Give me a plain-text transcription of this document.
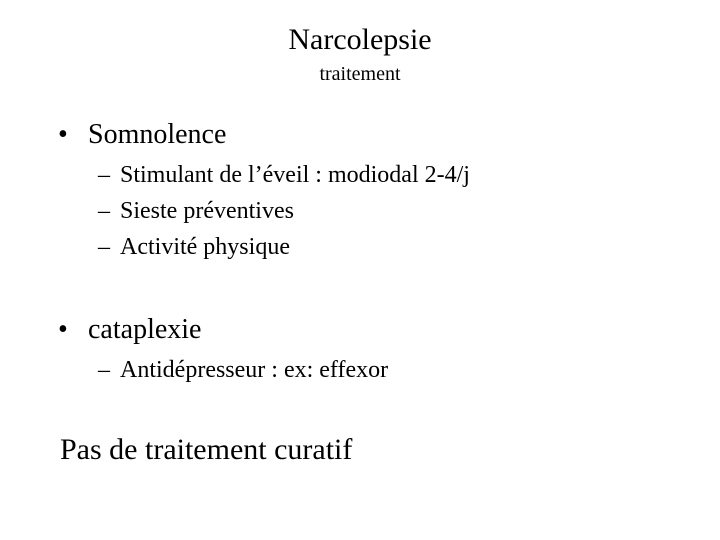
Narcolepsie
traitement
• Somnolence
– Stimulant de l’éveil : modiodal 2-4/j
– Sieste préventives
– Activité physique
• cataplexie
– Antidépresseur : ex: effexor
Pas de traitement curatif
